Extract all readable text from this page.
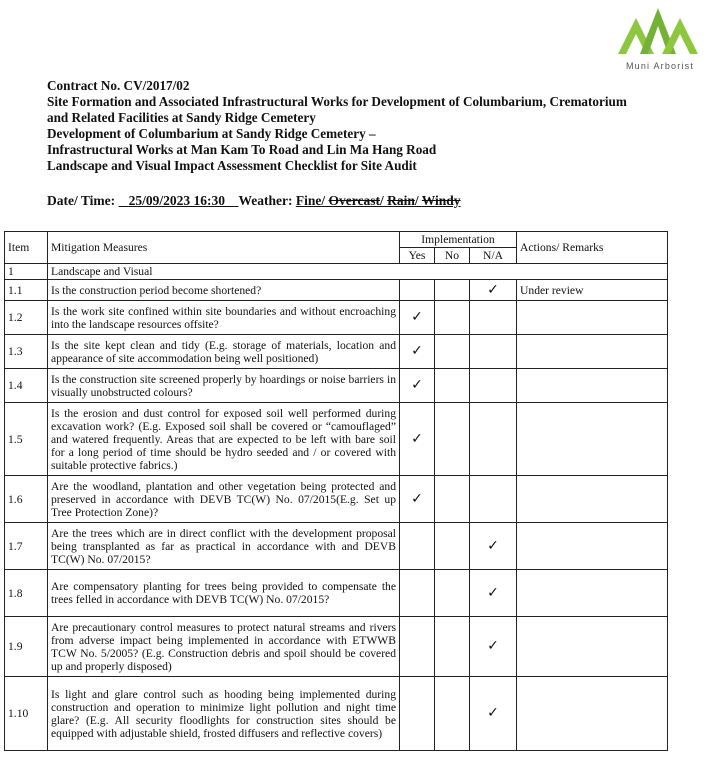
Muni Arborist
Contract No. CV/2017/02
Site Formation and Associated Infrastructural Works for Development of Columbarium, Crematorium
and Related Facilities at Sandy Ridge Cemetery
Development of Columbarium at Sandy Ridge Cemetery –
Infrastructural Works at Man Kam To Road and Lin Ma Hang Road
Landscape and Visual Impact Assessment Checklist for Site Audit
Date/ Time: 25/09/2023 16:30 Weather: Fine/ Overcast/ Rain/ Windy
Item	Mitigation Measures	Implementation			Actions/ Remarks
		Yes	No	N/A	
1	Landscape and Visual				
1.1	Is the construction period become shortened?			✓	Under review
1.2	Is the work site confined within site boundaries and without encroaching into the landscape resources offsite?	✓			
1.3	Is the site kept clean and tidy (E.g. storage of materials, location and appearance of site accommodation being well positioned)	✓			
1.4	Is the construction site screened properly by hoardings or noise barriers in visually unobstructed colours?	✓			
1.5	Is the erosion and dust control for exposed soil well performed during excavation work? (E.g. Exposed soil shall be covered or “camouflaged” and watered frequently. Areas that are expected to be left with bare soil for a long period of time should be hydro seeded and / or covered with suitable protective fabrics.)	✓			
1.6	Are the woodland, plantation and other vegetation being protected and preserved in accordance with DEVB TC(W) No. 07/2015(E.g. Set up Tree Protection Zone)?	✓			
1.7	Are the trees which are in direct conflict with the development proposal being transplanted as far as practical in accordance with and DEVB TC(W) No. 07/2015?			✓	
1.8	Are compensatory planting for trees being provided to compensate the trees felled in accordance with DEVB TC(W) No. 07/2015?			✓	
1.9	Are precautionary control measures to protect natural streams and rivers from adverse impact being implemented in accordance with ETWWB TCW No. 5/2005? (E.g. Construction debris and spoil should be covered up and properly disposed)			✓	
1.10	Is light and glare control such as hooding being implemented during construction and operation to minimize light pollution and night time glare? (E.g. All security floodlights for construction sites should be equipped with adjustable shield, frosted diffusers and reflective covers)			✓	
